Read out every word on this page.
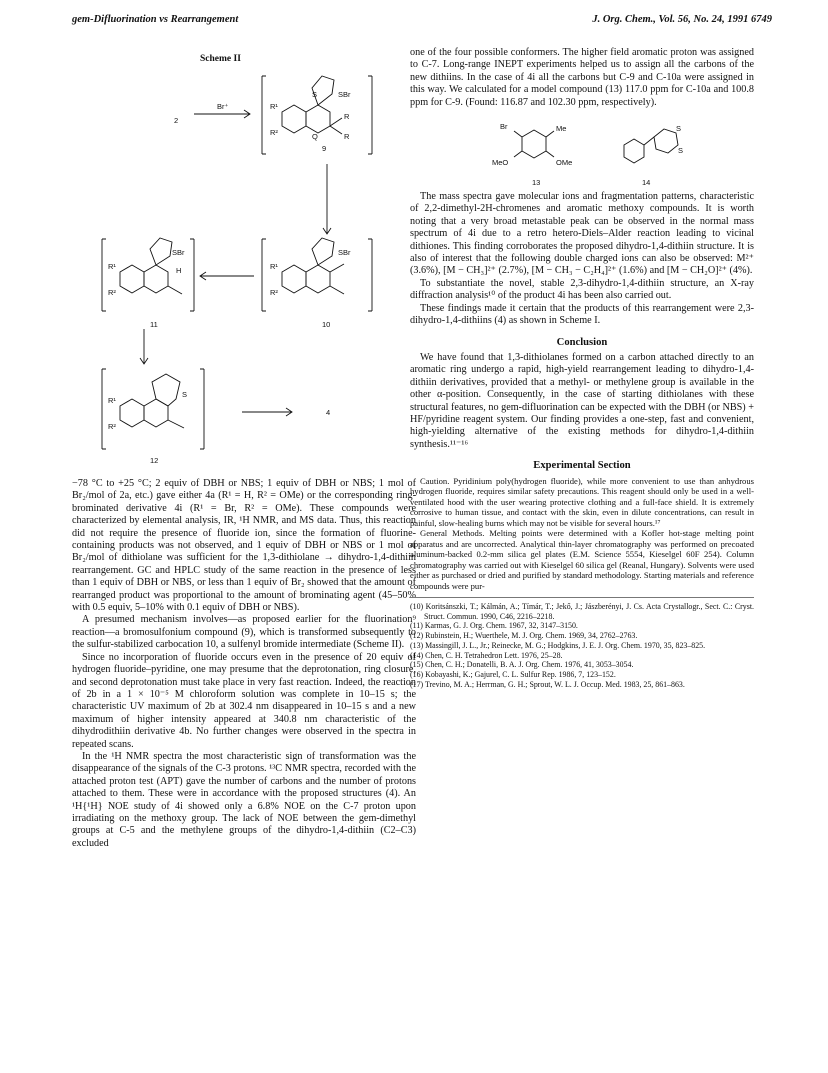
gem-Difluorination vs Rearrangement	J. Org. Chem., Vol. 56, No. 24, 1991 6749
Scheme II
2
Br⁺
9
SBr
S
R¹
R²
R
R
Q
10
SBr
R¹
R²
11
SBr
H
R¹
R²
12
R¹
R²
S
4

−78 °C to +25 °C; 2 equiv of DBH or NBS; 1 equiv of DBH or NBS; 1 mol of Br₂/mol of 2a, etc.) gave either 4a (R¹ = H, R² = OMe) or the corresponding ring-brominated derivative 4i (R¹ = Br, R² = OMe). These compounds were characterized by elemental analysis, IR, ¹H NMR, and MS data. Thus, this reaction did not require the presence of fluoride ion, since the formation of fluorine-containing products was not observed, and 1 equiv of DBH or NBS or 1 mol of Br₂/mol of dithiolane was sufficient for the 1,3-dithiolane → dihydro-1,4-dithiin rearrangement. GC and HPLC study of the same reaction in the presence of less than 1 equiv of DBH or NBS, or less than 1 equiv of Br₂ showed that the amount of rearranged product was proportional to the amount of brominating agent (45–50% with 0.5 equiv, 5–10% with 0.1 equiv of DBH or NBS).

A presumed mechanism involves—as proposed earlier for the fluorination⁹ reaction—a bromosulfonium compound (9), which is transformed subsequently to the sulfur-stabilized carbocation 10, a sulfenyl bromide intermediate (Scheme II).

Since no incorporation of fluoride occurs even in the presence of 20 equiv of hydrogen fluoride–pyridine, one may presume that the deprotonation, ring closure, and second deprotonation must take place in very fast reaction. Indeed, the reaction of 2b in a 1 × 10⁻⁵ M chloroform solution was complete in 10–15 s; the characteristic UV maximum of 2b at 302.4 nm disappeared in 10–15 s and a new maximum of higher intensity appeared at 340.8 nm characteristic of the dihydrodithiin derivative 4b. No further changes were observed in the spectra in repeated scans.

In the ¹H NMR spectra the most characteristic sign of transformation was the disappearance of the signals of the C-3 protons. ¹³C NMR spectra, recorded with the attached proton test (APT) gave the number of carbons and the number of protons attached to them. These were in accordance with the proposed structures (4). An ¹H{¹H} NOE study of 4i showed only a 6.8% NOE on the C-7 proton upon irradiating on the methoxy group. The lack of NOE between the gem-dimethyl groups at C-5 and the methylene groups of the dihydro-1,4-dithiin (C2–C3) excluded

one of the four possible conformers. The higher field aromatic proton was assigned to C-7. Long-range INEPT experiments helped us to assign all the carbons of the new dithiins. In the case of 4i all the carbons but C-9 and C-10a were assigned in this way. We calculated for a model compound (13) 117.0 ppm for C-10a and 100.8 ppm for C-9. (Found: 116.87 and 102.30 ppm, respectively).

Br	Me
MeO	OMe
S
S
13	14

The mass spectra gave molecular ions and fragmentation patterns, characteristic of 2,2-dimethyl-2H-chromenes and aromatic methoxy compounds. It is worth noting that a very broad metastable peak can be observed in the normal mass spectrum of 4i due to a retro hetero-Diels–Alder reaction leading to vicinal dithiones. This finding corroborates the proposed dihydro-1,4-dithiin structure. It is also of interest that the following double charged ions can also be observed: M²⁺ (3.6%), [M − CH₃]²⁺ (2.7%), [M − CH₃ − C₂H₄]²⁺ (1.6%) and [M − CH₂O]²⁺ (4%).

To substantiate the novel, stable 2,3-dihydro-1,4-dithiin structure, an X-ray diffraction analysis¹⁰ of the product 4i has been also carried out.

These findings made it certain that the products of this rearrangement were 2,3-dihydro-1,4-dithiins (4) as shown in Scheme I.

Conclusion

We have found that 1,3-dithiolanes formed on a carbon attached directly to an aromatic ring undergo a rapid, high-yield rearrangement leading to dihydro-1,4-dithiin derivatives, provided that a methyl- or methylene group is available in the other α-position. Consequently, in the case of starting dithiolanes with these structural features, no gem-difluorination can be expected with the DBH (or NBS) + HF/pyridine reagent system. Our finding provides a one-step, fast and convenient, high-yielding alternative of the existing methods for dihydro-1,4-dithiin synthesis.¹¹⁻¹⁶

Experimental Section

Caution. Pyridinium poly(hydrogen fluoride), while more convenient to use than anhydrous hydrogen fluoride, requires similar safety precautions. This reagent should only be used in a well-ventilated hood with the user wearing protective clothing and a full-face shield. It is extremely corrosive to human tissue, and contact with the skin, even in dilute concentrations, can result in painful, slow-healing burns which may not be visible for several hours.¹⁷

General Methods. Melting points were determined with a Kofler hot-stage melting point apparatus and are uncorrected. Analytical thin-layer chromatography was performed on precoated aluminum-backed 0.2-mm silica gel plates (E.M. Science 5554, Kieselgel 60F 254). Column chromatography was carried out with Kieselgel 60 silica gel (Reanal, Hungary). Solvents were used either as purchased or dried and purified by standard methodology. Starting materials and reference compounds were pur-

(10) Koritsánszki, T.; Kálmán, A.; Tímár, T.; Jekő, J.; Jászberényi, J. Cs. Acta Crystallogr., Sect. C.: Cryst. Struct. Commun. 1990, C46, 2216–2218.
(11) Karmas, G. J. Org. Chem. 1967, 32, 3147–3150.
(12) Rubinstein, H.; Wuerthele, M. J. Org. Chem. 1969, 34, 2762–2763.
(13) Massingill, J. L., Jr.; Reinecke, M. G.; Hodgkins, J. E. J. Org. Chem. 1970, 35, 823–825.
(14) Chen, C. H. Tetrahedron Lett. 1976, 25–28.
(15) Chen, C. H.; Donatelli, B. A. J. Org. Chem. 1976, 41, 3053–3054.
(16) Kobayashi, K.; Gajurel, C. L. Sulfur Rep. 1986, 7, 123–152.
(17) Trevino, M. A.; Herrman, G. H.; Sprout, W. L. J. Occup. Med. 1983, 25, 861–863.
